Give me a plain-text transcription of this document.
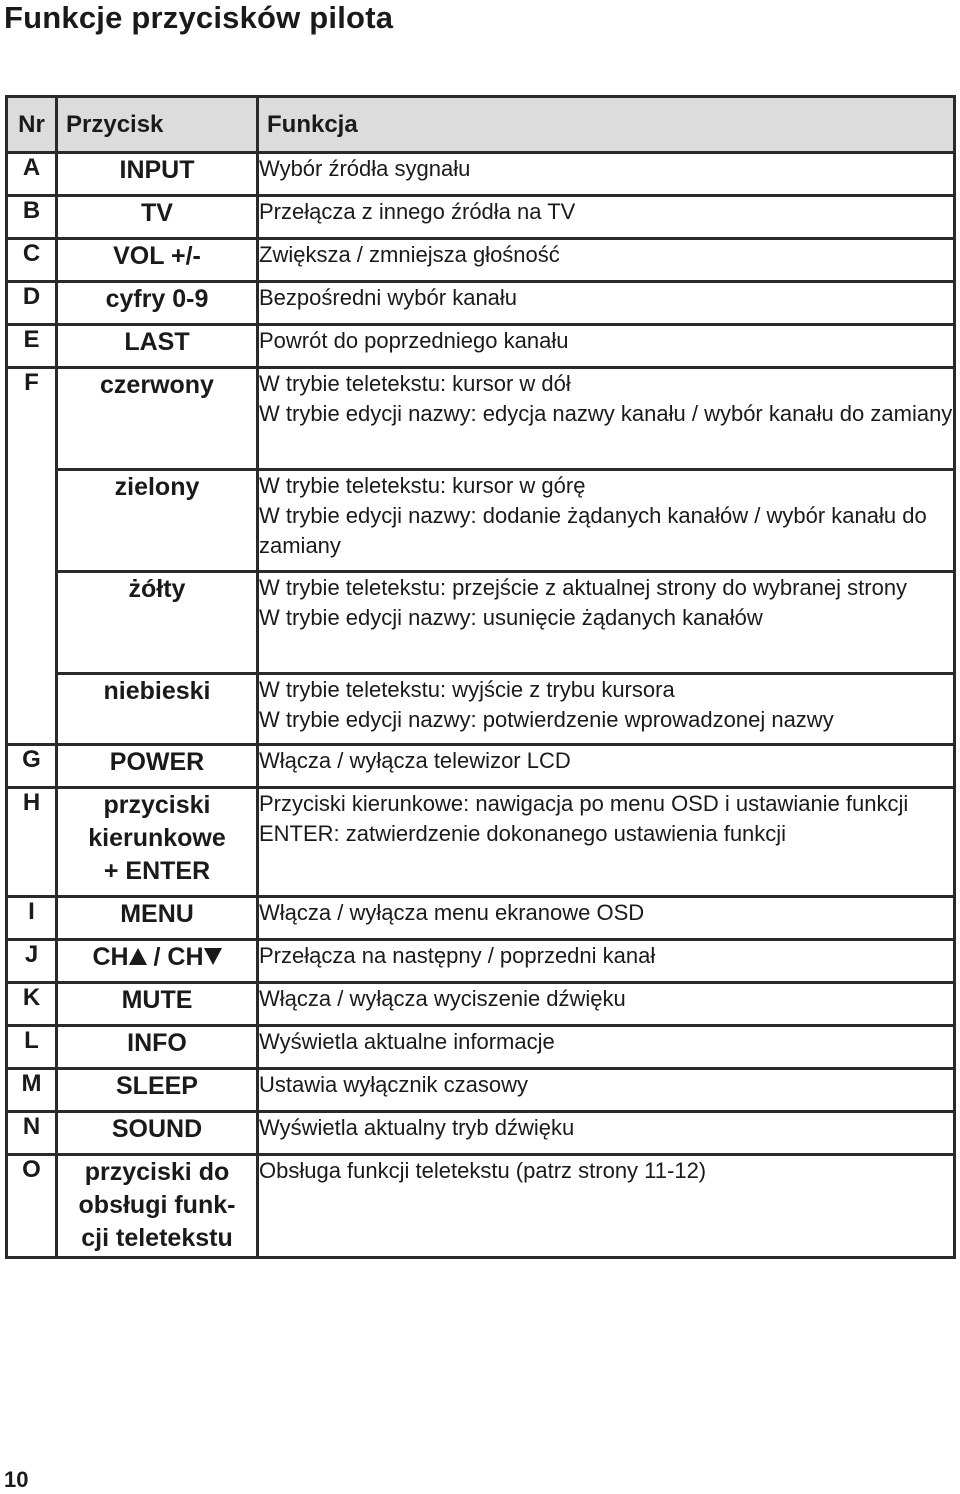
Funkcje przycisków pilota
Nr	Przycisk	Funkcja
A	INPUT	Wybór źródła sygnału

B	TV	Przełącza z innego źródła na TV

C	VOL +/-	Zwiększa / zmniejsza głośność

D	cyfry 0-9	Bezpośredni wybór kanału

E	LAST	Powrót do poprzedniego kanału

F	czerwony	W trybie teletekstu: kursor w dół
W trybie edycji nazwy: edycja nazwy kanału / wybór kanału do zamiany

	zielony	W trybie teletekstu: kursor w górę
W trybie edycji nazwy: dodanie żądanych kanałów / wybór kanału do zamiany

	żółty	W trybie teletekstu: przejście z aktualnej strony do wybranej strony
W trybie edycji nazwy: usunięcie żądanych kanałów

	niebieski	W trybie teletekstu: wyjście z trybu kursora
W trybie edycji nazwy: potwierdzenie wprowadzonej nazwy

G	POWER	Włącza / wyłącza telewizor LCD

H	przyciski
kierunkowe
+ ENTER	Przyciski kierunkowe: nawigacja po menu OSD i ustawianie funkcji
ENTER: zatwierdzenie dokonanego ustawienia funkcji

I	MENU	Włącza / wyłącza menu ekranowe OSD

J	CH / CH	Przełącza na następny / poprzedni kanał

K	MUTE	Włącza / wyłącza wyciszenie dźwięku

L	INFO	Wyświetla aktualne informacje

M	SLEEP	Ustawia wyłącznik czasowy

N	SOUND	Wyświetla aktualny tryb dźwięku

O	przyciski do
obsługi funk-
cji teletekstu	Obsługa funkcji teletekstu (patrz strony 11-12)
10
